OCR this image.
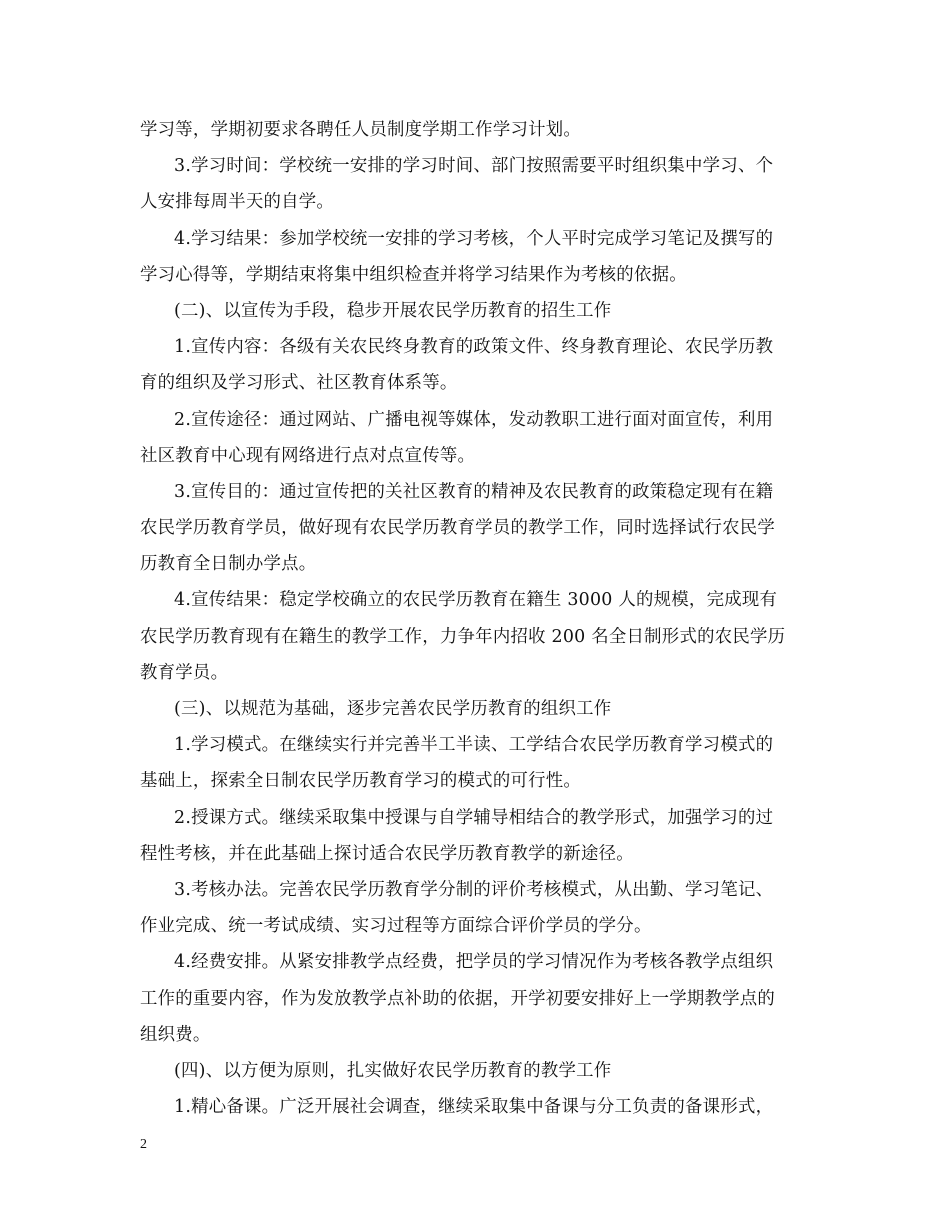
学习等，学期初要求各聘任人员制度学期工作学习计划。
3.学习时间：学校统一安排的学习时间、部门按照需要平时组织集中学习、个
人安排每周半天的自学。
4.学习结果：参加学校统一安排的学习考核，个人平时完成学习笔记及撰写的
学习心得等，学期结束将集中组织检查并将学习结果作为考核的依据。
(二)、以宣传为手段，稳步开展农民学历教育的招生工作
1.宣传内容：各级有关农民终身教育的政策文件、终身教育理论、农民学历教
育的组织及学习形式、社区教育体系等。
2.宣传途径：通过网站、广播电视等媒体，发动教职工进行面对面宣传，利用
社区教育中心现有网络进行点对点宣传等。
3.宣传目的：通过宣传把的关社区教育的精神及农民教育的政策稳定现有在籍
农民学历教育学员，做好现有农民学历教育学员的教学工作，同时选择试行农民学
历教育全日制办学点。
4.宣传结果：稳定学校确立的农民学历教育在籍生 3000 人的规模，完成现有
农民学历教育现有在籍生的教学工作，力争年内招收 200 名全日制形式的农民学历
教育学员。
(三)、以规范为基础，逐步完善农民学历教育的组织工作
1.学习模式。在继续实行并完善半工半读、工学结合农民学历教育学习模式的
基础上，探索全日制农民学历教育学习的模式的可行性。
2.授课方式。继续采取集中授课与自学辅导相结合的教学形式，加强学习的过
程性考核，并在此基础上探讨适合农民学历教育教学的新途径。
3.考核办法。完善农民学历教育学分制的评价考核模式，从出勤、学习笔记、
作业完成、统一考试成绩、实习过程等方面综合评价学员的学分。
4.经费安排。从紧安排教学点经费，把学员的学习情况作为考核各教学点组织
工作的重要内容，作为发放教学点补助的依据，开学初要安排好上一学期教学点的
组织费。
(四)、以方便为原则，扎实做好农民学历教育的教学工作
1.精心备课。广泛开展社会调查，继续采取集中备课与分工负责的备课形式，
2
